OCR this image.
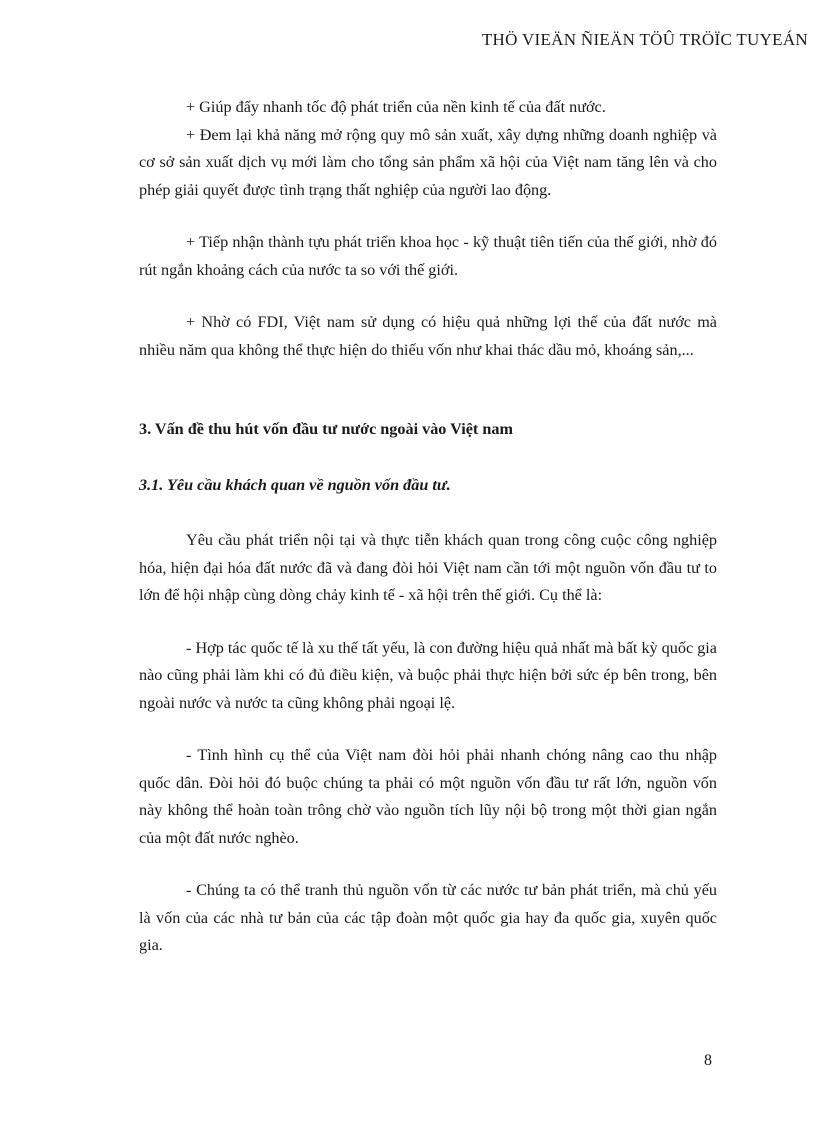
THÖ VIEÄN ÑIEÄN TÖÛ TRÖÏC TUYEÁN

+ Giúp đẩy nhanh tốc độ phát triển của nền kinh tế của đất nước.

+ Đem lại khả năng mở rộng quy mô sản xuất, xây dựng những doanh nghiệp và cơ sở sản xuất dịch vụ mới làm cho tổng sản phẩm xã hội của Việt nam tăng lên và cho phép giải quyết được tình trạng thất nghiệp của người lao động.

+ Tiếp nhận thành tựu phát triển khoa học - kỹ thuật tiên tiến của thế giới, nhờ đó rút ngắn khoảng cách của nước ta so với thế giới.

+ Nhờ có FDI, Việt nam sử dụng có hiệu quả những lợi thế của đất nước mà nhiều năm qua không thể thực hiện do thiếu vốn như khai thác dầu mỏ, khoáng sản,...

3. Vấn đề thu hút vốn đầu tư nước ngoài vào Việt nam

3.1. Yêu cầu khách quan về nguồn vốn đầu tư.

Yêu cầu phát triển nội tại và thực tiễn khách quan trong công cuộc công nghiệp hóa, hiện đại hóa đất nước đã và đang đòi hỏi Việt nam cần tới một nguồn vốn đầu tư to lớn để hội nhập cùng dòng chảy kinh tế - xã hội trên thế giới. Cụ thể là:

- Hợp tác quốc tế là xu thế tất yếu, là con đường hiệu quả nhất mà bất kỳ quốc gia nào cũng phải làm khi có đủ điều kiện, và buộc phải thực hiện bởi sức ép bên trong, bên ngoài nước và nước ta cũng không phải ngoại lệ.

- Tình hình cụ thể của Việt nam đòi hỏi phải nhanh chóng nâng cao thu nhập quốc dân. Đòi hỏi đó buộc chúng ta phải có một nguồn vốn đầu tư rất lớn, nguồn vốn này không thể hoàn toàn trông chờ vào nguồn tích lũy nội bộ trong một thời gian ngắn của một đất nước nghèo.

- Chúng ta có thể tranh thủ nguồn vốn từ các nước tư bản phát triển, mà chủ yếu là vốn của các nhà tư bản của các tập đoàn một quốc gia hay đa quốc gia, xuyên quốc gia.

8
